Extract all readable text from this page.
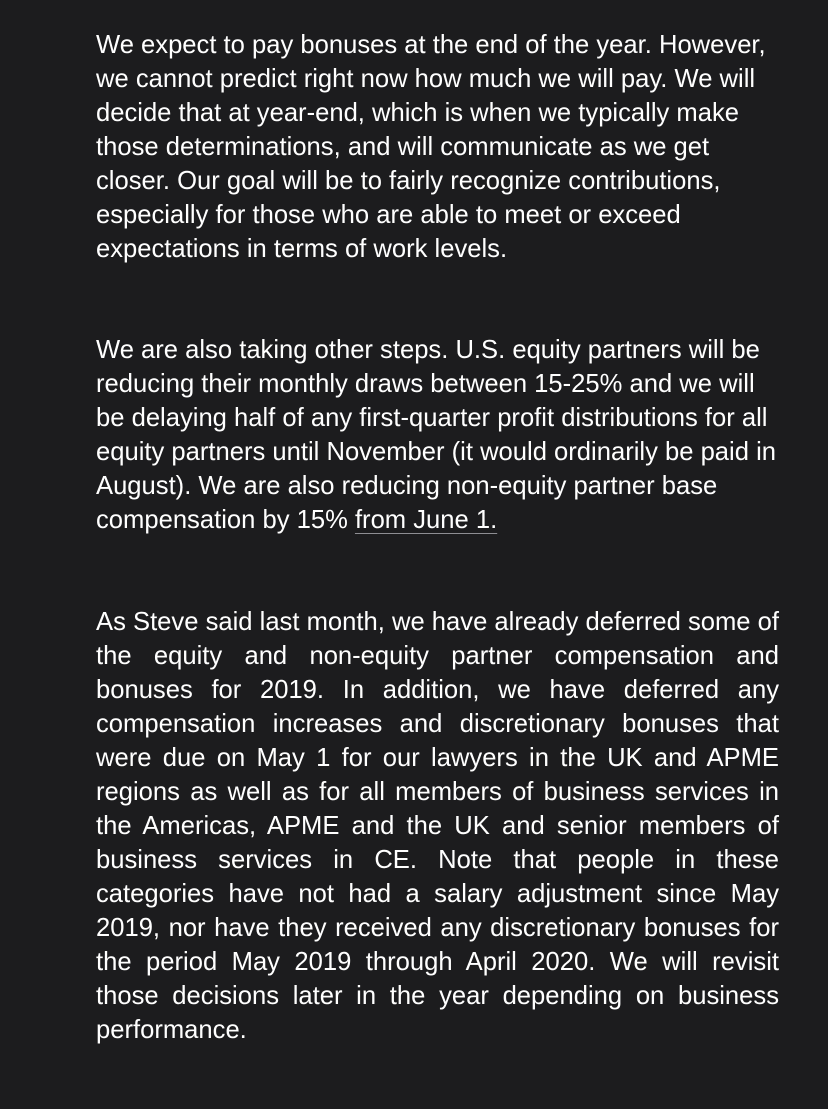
We expect to pay bonuses at the end of the year. However, we cannot predict right now how much we will pay. We will decide that at year-end, which is when we typically make those determinations, and will communicate as we get closer. Our goal will be to fairly recognize contributions, especially for those who are able to meet or exceed expectations in terms of work levels.

We are also taking other steps. U.S. equity partners will be reducing their monthly draws between 15-25% and we will be delaying half of any first-quarter profit distributions for all equity partners until November (it would ordinarily be paid in August). We are also reducing non-equity partner base compensation by 15% from June 1.

As Steve said last month, we have already deferred some of the equity and non-equity partner compensation and bonuses for 2019. In addition, we have deferred any compensation increases and discretionary bonuses that were due on May 1 for our lawyers in the UK and APME regions as well as for all members of business services in the Americas, APME and the UK and senior members of business services in CE. Note that people in these categories have not had a salary adjustment since May 2019, nor have they received any discretionary bonuses for the period May 2019 through April 2020. We will revisit those decisions later in the year depending on business performance.
